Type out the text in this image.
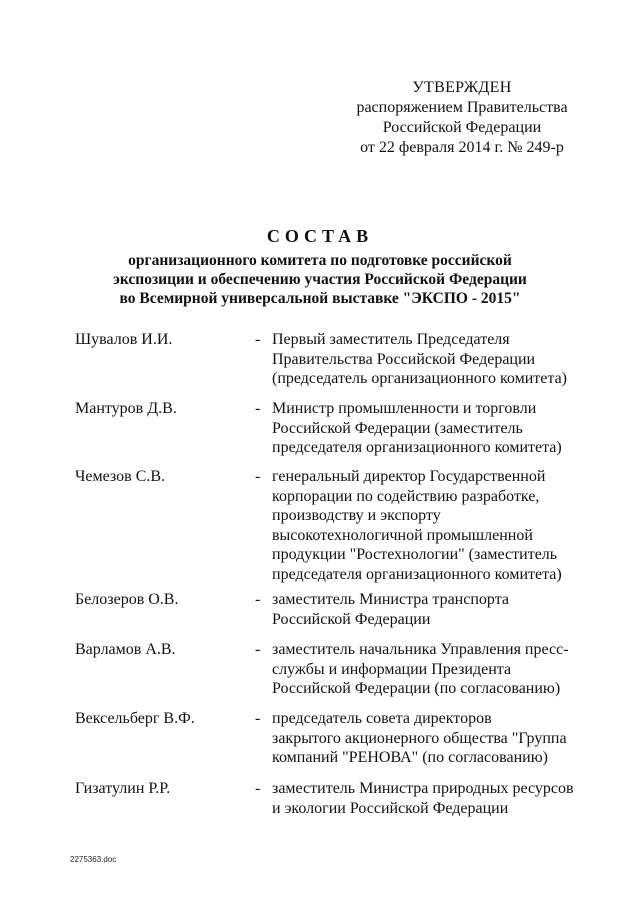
УТВЕРЖДЕН
распоряжением Правительства
Российской Федерации
от 22 февраля 2014 г. № 249-р
СОСТАВ
организационного комитета по подготовке российской
экспозиции и обеспечению участия Российской Федерации
во Всемирной универсальной выставке "ЭКСПО - 2015"
Шувалов И.И.	- Первый заместитель Председателя
Правительства Российской Федерации
(председатель организационного комитета)
Мантуров Д.В.	- Министр промышленности и торговли
Российской Федерации (заместитель
председателя организационного комитета)
Чемезов С.В.	- генеральный директор Государственной
корпорации по содействию разработке,
производству и экспорту
высокотехнологичной промышленной
продукции "Ростехнологии" (заместитель
председателя организационного комитета)
Белозеров О.В.	- заместитель Министра транспорта
Российской Федерации
Варламов А.В.	- заместитель начальника Управления пресс-
службы и информации Президента
Российской Федерации (по согласованию)
Вексельберг В.Ф.	- председатель совета директоров
закрытого акционерного общества "Группа
компаний "РЕНОВА" (по согласованию)
Гизатулин Р.Р.	- заместитель Министра природных ресурсов
и экологии Российской Федерации
2275363.doc
